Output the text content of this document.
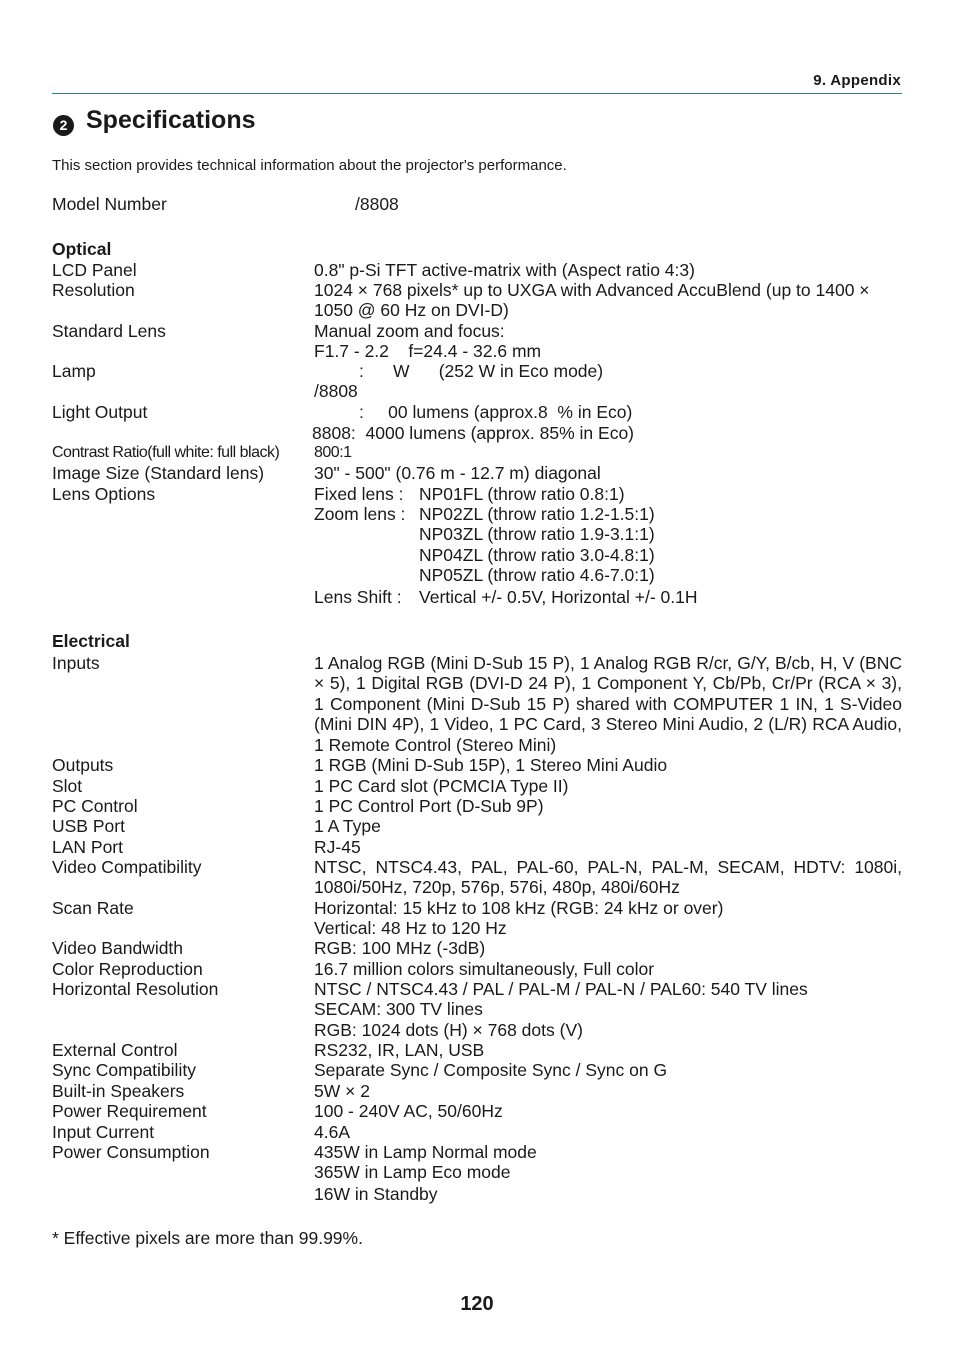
9. Appendix
2 Specifications
This section provides technical information about the projector's performance.
Model Number	/8808
Optical
LCD Panel	0.8" p-Si TFT active-matrix with (Aspect ratio 4:3)
Resolution	1024 × 768 pixels* up to UXGA with Advanced AccuBlend (up to 1400 ×
1050 @ 60 Hz on DVI-D)
Standard Lens	Manual zoom and focus:
F1.7 - 2.2    f=24.4 - 32.6 mm
Lamp	:      W      (252 W in Eco mode)
/8808
Light Output	:     00 lumens (approx.8  % in Eco)
8808:  4000 lumens (approx. 85% in Eco)
Contrast Ratio(full white: full black) 800:1
Image Size (Standard lens)	30" - 500" (0.76 m - 12.7 m) diagonal
Lens Options	Fixed lens : NP01FL (throw ratio 0.8:1)
Zoom lens : NP02ZL (throw ratio 1.2-1.5:1)
NP03ZL (throw ratio 1.9-3.1:1)
NP04ZL (throw ratio 3.0-4.8:1)
NP05ZL (throw ratio 4.6-7.0:1)
Lens Shift : Vertical +/- 0.5V, Horizontal +/- 0.1H
Electrical
Inputs	1 Analog RGB (Mini D-Sub 15 P), 1 Analog RGB R/cr, G/Y, B/cb, H, V (BNC × 5), 1 Digital RGB (DVI-D 24 P), 1 Component Y, Cb/Pb, Cr/Pr (RCA × 3), 1 Component (Mini D-Sub 15 P) shared with COMPUTER 1 IN, 1 S-Video (Mini DIN 4P), 1 Video, 1 PC Card, 3 Stereo Mini Audio, 2 (L/R) RCA Audio, 1 Remote Control (Stereo Mini)
Outputs	1 RGB (Mini D-Sub 15P), 1 Stereo Mini Audio
Slot	1 PC Card slot (PCMCIA Type II)
PC Control	1 PC Control Port (D-Sub 9P)
USB Port	1 A Type
LAN Port	RJ-45
Video Compatibility	NTSC, NTSC4.43, PAL, PAL-60, PAL-N, PAL-M, SECAM, HDTV: 1080i, 1080i/50Hz, 720p, 576p, 576i, 480p, 480i/60Hz
Scan Rate	Horizontal: 15 kHz to 108 kHz (RGB: 24 kHz or over)
Vertical: 48 Hz to 120 Hz
Video Bandwidth	RGB: 100 MHz (-3dB)
Color Reproduction	16.7 million colors simultaneously, Full color
Horizontal Resolution	NTSC / NTSC4.43 / PAL / PAL-M / PAL-N / PAL60: 540 TV lines
SECAM: 300 TV lines
RGB: 1024 dots (H) × 768 dots (V)
External Control	RS232, IR, LAN, USB
Sync Compatibility	Separate Sync / Composite Sync / Sync on G
Built-in Speakers	5W × 2
Power Requirement	100 - 240V AC, 50/60Hz
Input Current	4.6A
Power Consumption	435W in Lamp Normal mode
365W in Lamp Eco mode
16W in Standby
* Effective pixels are more than 99.99%.
120
